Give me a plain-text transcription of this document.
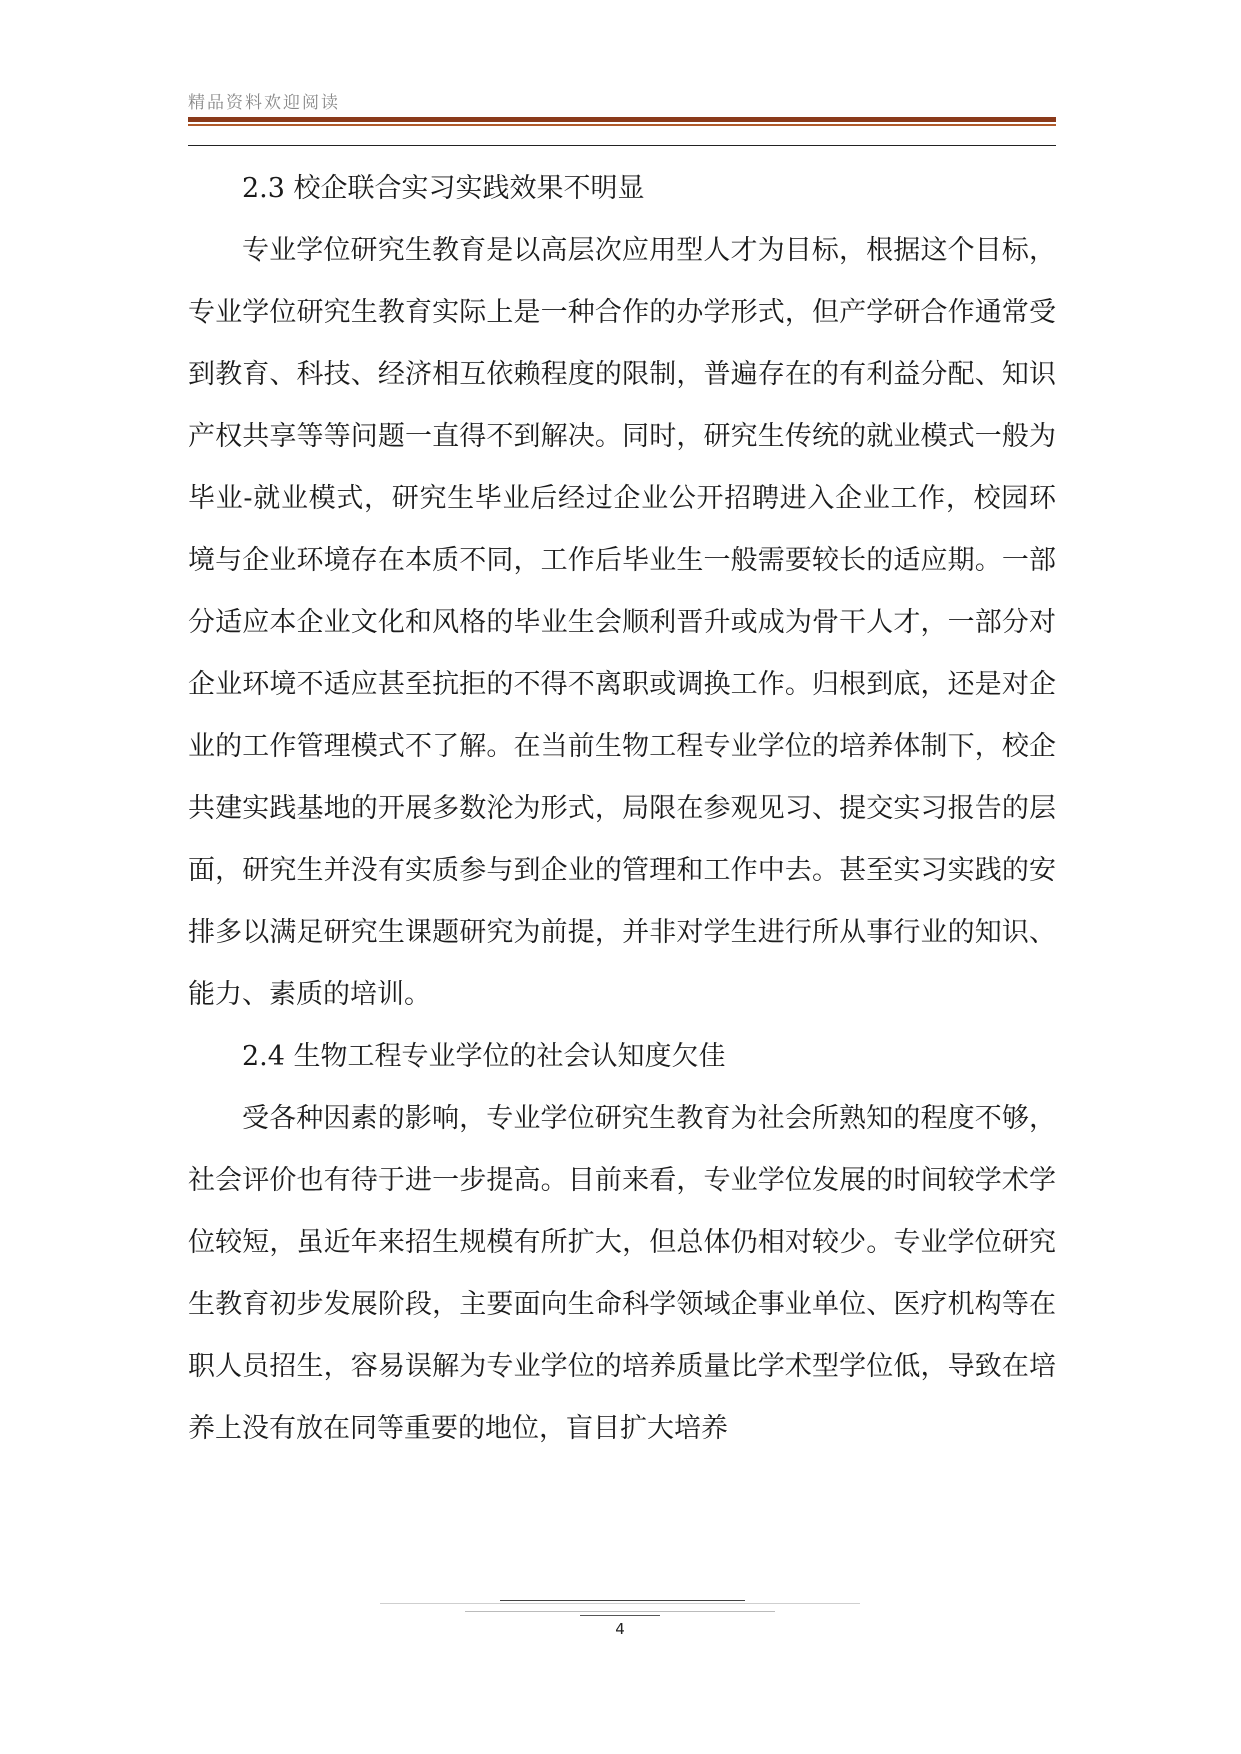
精品资料欢迎阅读
2.3 校企联合实习实践效果不明显

专业学位研究生教育是以高层次应用型人才为目标，根据这个目标，专业学位研究生教育实际上是一种合作的办学形式，但产学研合作通常受到教育、科技、经济相互依赖程度的限制，普遍存在的有利益分配、知识产权共享等等问题一直得不到解决。同时，研究生传统的就业模式一般为毕业-就业模式，研究生毕业后经过企业公开招聘进入企业工作，校园环境与企业环境存在本质不同，工作后毕业生一般需要较长的适应期。一部分适应本企业文化和风格的毕业生会顺利晋升或成为骨干人才，一部分对企业环境不适应甚至抗拒的不得不离职或调换工作。归根到底，还是对企业的工作管理模式不了解。在当前生物工程专业学位的培养体制下，校企共建实践基地的开展多数沦为形式，局限在参观见习、提交实习报告的层面，研究生并没有实质参与到企业的管理和工作中去。甚至实习实践的安排多以满足研究生课题研究为前提，并非对学生进行所从事行业的知识、能力、素质的培训。

2.4 生物工程专业学位的社会认知度欠佳

受各种因素的影响，专业学位研究生教育为社会所熟知的程度不够，社会评价也有待于进一步提高。目前来看，专业学位发展的时间较学术学位较短，虽近年来招生规模有所扩大，但总体仍相对较少。专业学位研究生教育初步发展阶段，主要面向生命科学领域企事业单位、医疗机构等在职人员招生，容易误解为专业学位的培养质量比学术型学位低，导致在培养上没有放在同等重要的地位，盲目扩大培养

4
